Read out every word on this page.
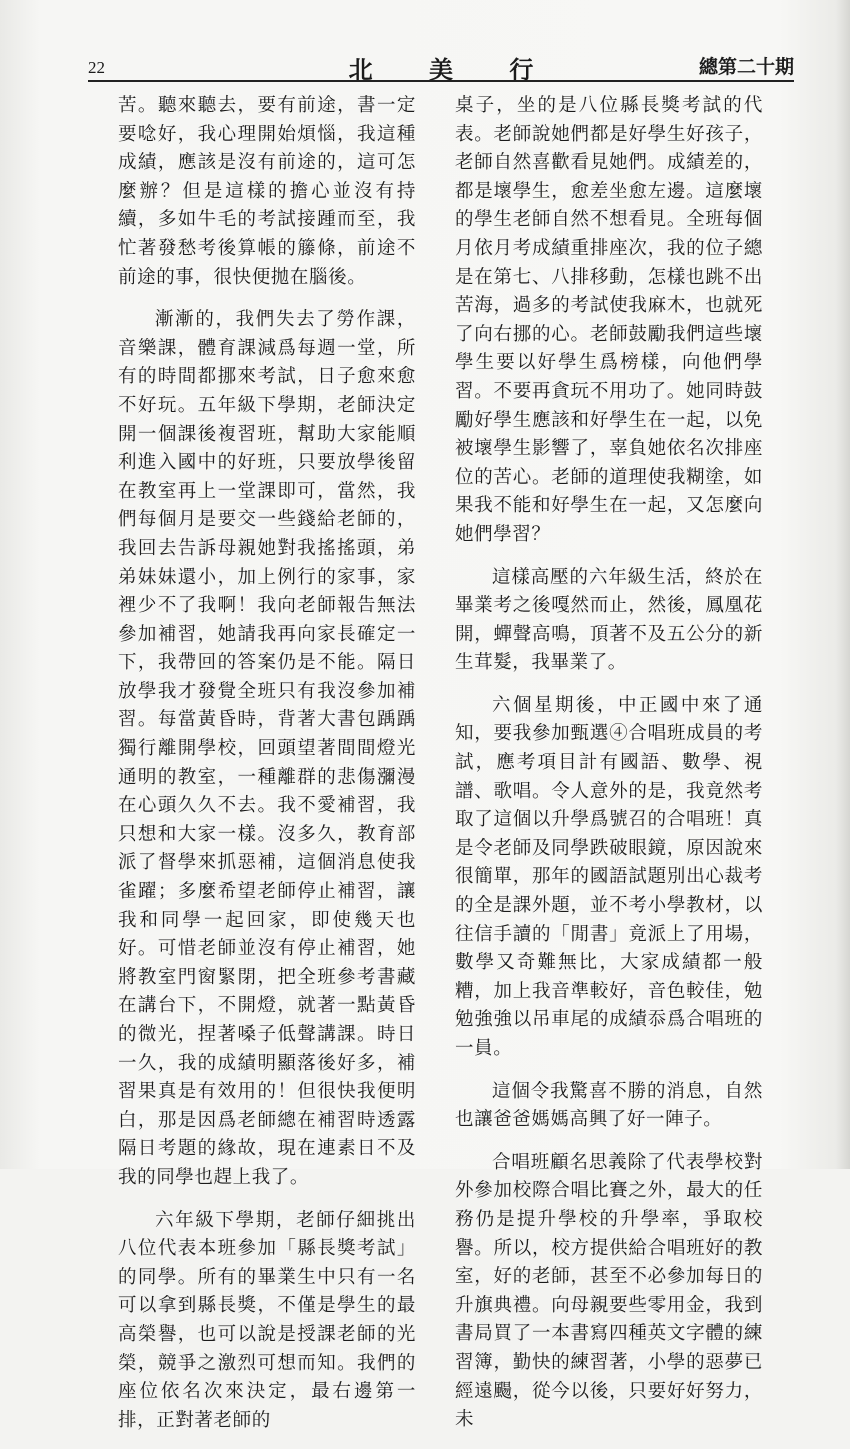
22	北 美 行	總第二十期

苦。聽來聽去，要有前途，書一定要唸好，我心理開始煩惱，我這種成績，應該是沒有前途的，這可怎麼辦？但是這樣的擔心並沒有持續，多如牛毛的考試接踵而至，我忙著發愁考後算帳的籐條，前途不前途的事，很快便拋在腦後。

漸漸的，我們失去了勞作課，音樂課，體育課減爲每週一堂，所有的時間都挪來考試，日子愈來愈不好玩。五年級下學期，老師決定開一個課後複習班，幫助大家能順利進入國中的好班，只要放學後留在教室再上一堂課即可，當然，我們每個月是要交一些錢給老師的，我回去告訴母親她對我搖搖頭，弟弟妹妹還小，加上例行的家事，家裡少不了我啊！我向老師報告無法參加補習，她請我再向家長確定一下，我帶回的答案仍是不能。隔日放學我才發覺全班只有我沒參加補習。每當黃昏時，背著大書包踽踽獨行離開學校，回頭望著間間燈光通明的教室，一種離群的悲傷瀰漫在心頭久久不去。我不愛補習，我只想和大家一樣。沒多久，教育部派了督學來抓惡補，這個消息使我雀躍；多麼希望老師停止補習，讓我和同學一起回家，即使幾天也好。可惜老師並沒有停止補習，她將教室門窗緊閉，把全班參考書藏在講台下，不開燈，就著一點黃昏的微光，捏著嗓子低聲講課。時日一久，我的成績明顯落後好多，補習果真是有效用的！但很快我便明白，那是因爲老師總在補習時透露隔日考題的緣故，現在連素日不及我的同學也趕上我了。

六年級下學期，老師仔細挑出八位代表本班參加「縣長獎考試」的同學。所有的畢業生中只有一名可以拿到縣長獎，不僅是學生的最高榮譽，也可以說是授課老師的光榮，競爭之激烈可想而知。我們的座位依名次來決定，最右邊第一排，正對著老師的

桌子，坐的是八位縣長獎考試的代表。老師說她們都是好學生好孩子，老師自然喜歡看見她們。成績差的，都是壞學生，愈差坐愈左邊。這麼壞的學生老師自然不想看見。全班每個月依月考成績重排座次，我的位子總是在第七、八排移動，怎樣也跳不出苦海，過多的考試使我麻木，也就死了向右挪的心。老師鼓勵我們這些壞學生要以好學生爲榜樣，向他們學習。不要再貪玩不用功了。她同時鼓勵好學生應該和好學生在一起，以免被壞學生影響了，辜負她依名次排座位的苦心。老師的道理使我糊塗，如果我不能和好學生在一起，又怎麼向她們學習？

這樣高壓的六年級生活，終於在畢業考之後嘎然而止，然後，鳳凰花開，蟬聲高鳴，頂著不及五公分的新生茸髮，我畢業了。

六個星期後，中正國中來了通知，要我參加甄選④合唱班成員的考試，應考項目計有國語、數學、視譜、歌唱。令人意外的是，我竟然考取了這個以升學爲號召的合唱班！真是令老師及同學跌破眼鏡，原因說來很簡單，那年的國語試題別出心裁考的全是課外題，並不考小學教材，以往信手讀的「閒書」竟派上了用場，數學又奇難無比，大家成績都一般糟，加上我音準較好，音色較佳，勉勉強強以吊車尾的成績忝爲合唱班的一員。

這個令我驚喜不勝的消息，自然也讓爸爸媽媽高興了好一陣子。

合唱班顧名思義除了代表學校對外參加校際合唱比賽之外，最大的任務仍是提升學校的升學率，爭取校譽。所以，校方提供給合唱班好的教室，好的老師，甚至不必參加每日的升旗典禮。向母親要些零用金，我到書局買了一本書寫四種英文字體的練習簿，勤快的練習著，小學的惡夢已經遠颺，從今以後，只要好好努力，未
